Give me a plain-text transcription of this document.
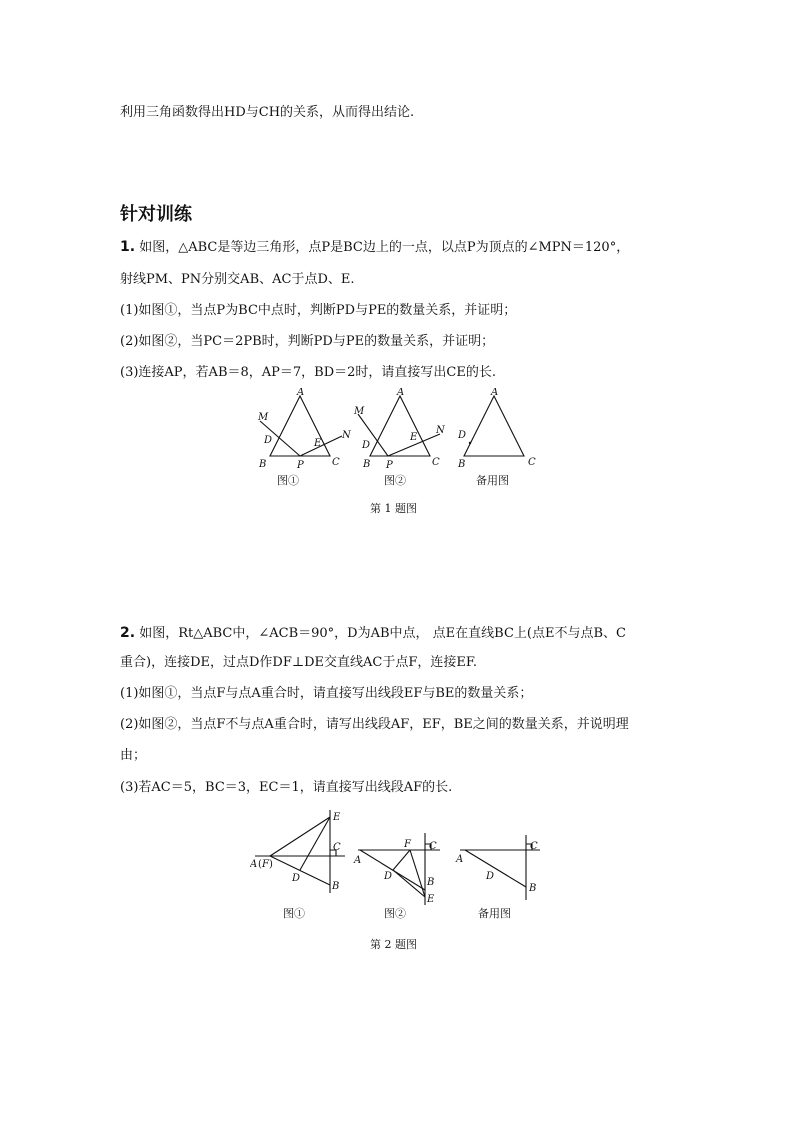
利用三角函数得出HD与CH的关系，从而得出结论.
针对训练
1. 如图，△ABC是等边三角形，点P是BC边上的一点，以点P为顶点的∠MPN＝120°，
射线PM、PN分别交AB、AC于点D、E.
(1)如图①，当点P为BC中点时，判断PD与PE的数量关系，并证明；
(2)如图②，当PC＝2PB时，判断PD与PE的数量关系，并证明；
(3)连接AP，若AB＝8，AP＝7，BD＝2时，请直接写出CE的长.
A
M
D
B	P	C
E
N
A
M
D
B P	C
E
N
A
D
B	C
图①	图②	备用图
第 1 题图
2. 如图，Rt△ABC中，∠ACB＝90°，D为AB中点， 点E在直线BC上(点E不与点B、C
重合)，连接DE，过点D作DF⊥DE交直线AC于点F，连接EF.
(1)如图①，当点F与点A重合时，请直接写出线段EF与BE的数量关系；
(2)如图②，当点F不与点A重合时，请写出线段AF，EF，BE之间的数量关系，并说明理
由；
(3)若AC＝5，BC＝3，EC＝1，请直接写出线段AF的长.
A ( F )
E
C
D
B
A
F C
D
B
E
A
C
D
B
图①	图②	备用图
第 2 题图
